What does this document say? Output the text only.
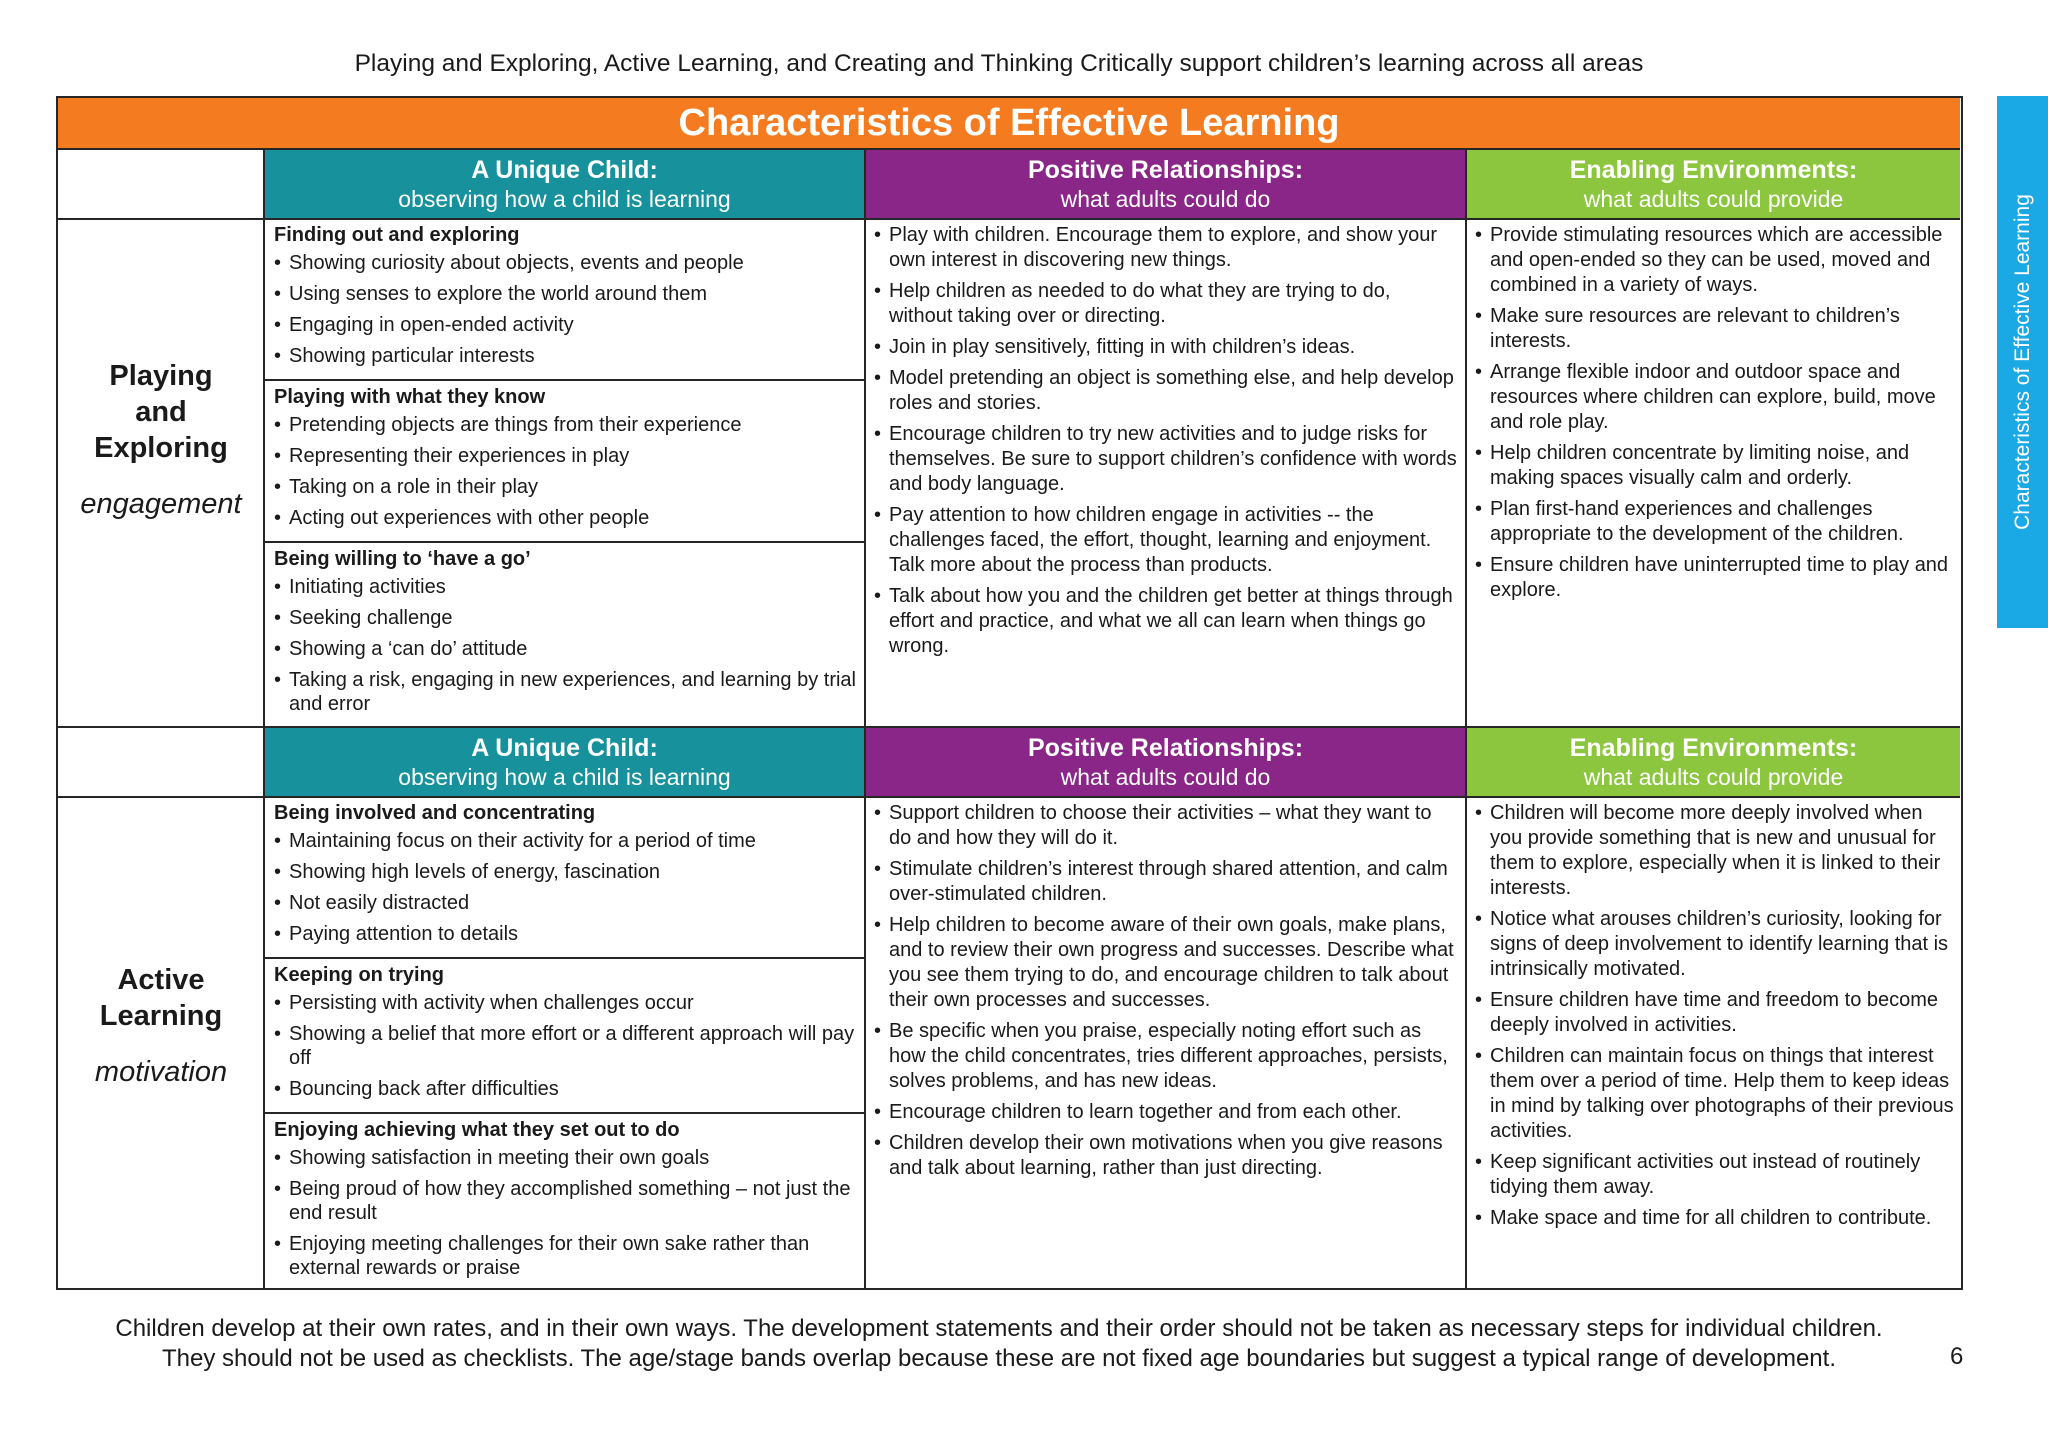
Playing and Exploring, Active Learning, and Creating and Thinking Critically support children’s learning across all areas
Characteristics of Effective Learning
Characteristics of Effective Learning
A Unique Child:
observing how a child is learning
Positive Relationships:
what adults could do
Enabling Environments:
what adults could provide
A Unique Child:
observing how a child is learning
Positive Relationships:
what adults could do
Enabling Environments:
what adults could provide
Playing
and
Exploring
engagement
Finding out and exploring
• Showing curiosity about objects, events and people
• Using senses to explore the world around them
• Engaging in open-ended activity
• Showing particular interests
Playing with what they know
• Pretending objects are things from their experience
• Representing their experiences in play
• Taking on a role in their play
• Acting out experiences with other people
Being willing to ‘have a go’
• Initiating activities
• Seeking challenge
• Showing a ‘can do’ attitude
• Taking a risk, engaging in new experiences, and learning by trial and error
• Play with children. Encourage them to explore, and show your own interest in discovering new things.
• Help children as needed to do what they are trying to do, without taking over or directing.
• Join in play sensitively, fitting in with children’s ideas.
• Model pretending an object is something else, and help develop roles and stories.
• Encourage children to try new activities and to judge risks for themselves. Be sure to support children’s confidence with words and body language.
• Pay attention to how children engage in activities -- the challenges faced, the effort, thought, learning and enjoyment. Talk more about the process than products.
• Talk about how you and the children get better at things through effort and practice, and what we all can learn when things go wrong.
• Provide stimulating resources which are accessible and open-ended so they can be used, moved and combined in a variety of ways.
• Make sure resources are relevant to children’s interests.
• Arrange flexible indoor and outdoor space and resources where children can explore, build, move and role play.
• Help children concentrate by limiting noise, and making spaces visually calm and orderly.
• Plan first-hand experiences and challenges appropriate to the development of the children.
• Ensure children have uninterrupted time to play and explore.
Active
Learning
motivation
Being involved and concentrating
• Maintaining focus on their activity for a period of time
• Showing high levels of energy, fascination
• Not easily distracted
• Paying attention to details
Keeping on trying
• Persisting with activity when challenges occur
• Showing a belief that more effort or a different approach will pay off
• Bouncing back after difficulties
Enjoying achieving what they set out to do
• Showing satisfaction in meeting their own goals
• Being proud of how they accomplished something – not just the end result
• Enjoying meeting challenges for their own sake rather than external rewards or praise
• Support children to choose their activities – what they want to do and how they will do it.
• Stimulate children’s interest through shared attention, and calm over-stimulated children.
• Help children to become aware of their own goals, make plans, and to review their own progress and successes. Describe what you see them trying to do, and encourage children to talk about their own processes and successes.
• Be specific when you praise, especially noting effort such as how the child concentrates, tries different approaches, persists, solves problems, and has new ideas.
• Encourage children to learn together and from each other.
• Children develop their own motivations when you give reasons and talk about learning, rather than just directing.
• Children will become more deeply involved when you provide something that is new and unusual for them to explore, especially when it is linked to their interests.
• Notice what arouses children’s curiosity, looking for signs of deep involvement to identify learning that is intrinsically motivated.
• Ensure children have time and freedom to become deeply involved in activities.
• Children can maintain focus on things that interest them over a period of time. Help them to keep ideas in mind by talking over photographs of their previous activities.
• Keep significant activities out instead of routinely tidying them away.
• Make space and time for all children to contribute.
Children develop at their own rates, and in their own ways. The development statements and their order should not be taken as necessary steps for individual children.
They should not be used as checklists. The age/stage bands overlap because these are not fixed age boundaries but suggest a typical range of development.	6
